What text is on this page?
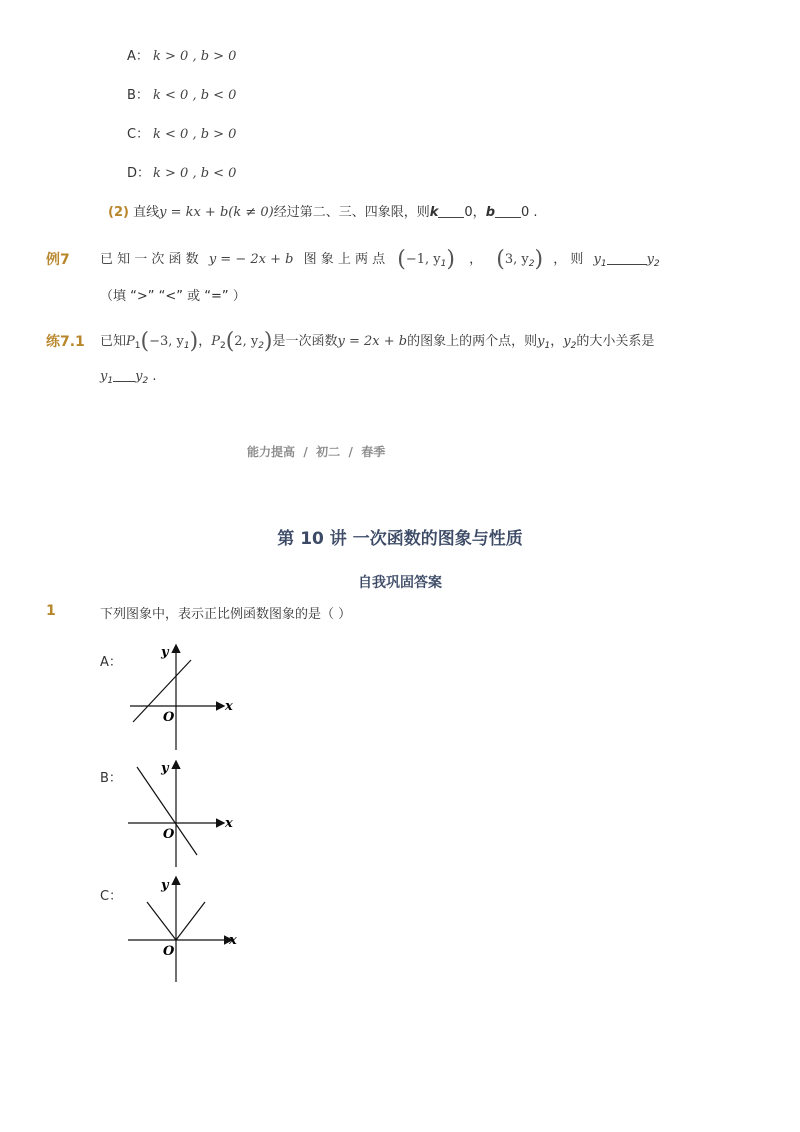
A： k > 0 , b > 0
B： k < 0 , b < 0
C： k < 0 , b > 0
D： k > 0 , b < 0
(2) 直线y = kx + b(k ≠ 0)经过第二、三、四象限，则k 0，b 0 .
例7 已 知 一 次 函 数 y = − 2x + b 图 象 上 两 点 (−1, $y_1$) ， (3, $y_2$) ， 则 $y_1$	$y_2$
（填 “>” “<” 或 “=” ）
练7.1 已知$P_1(-3$, $y_1$)，$P_2(2$, $y_2$)是一次函数y = 2x + b的图象上的两个点，则$y_1$，$y_2$的大小关系是
$y_1$ $y_2$ .
能力提高  /  初二  /  春季
第 10 讲 一次函数的图象与性质
自我巩固答案
1	下列图象中，表示正比例函数图象的是（ ）
A：
x
y
O
B：
x
y
O
C：
x
y
O
